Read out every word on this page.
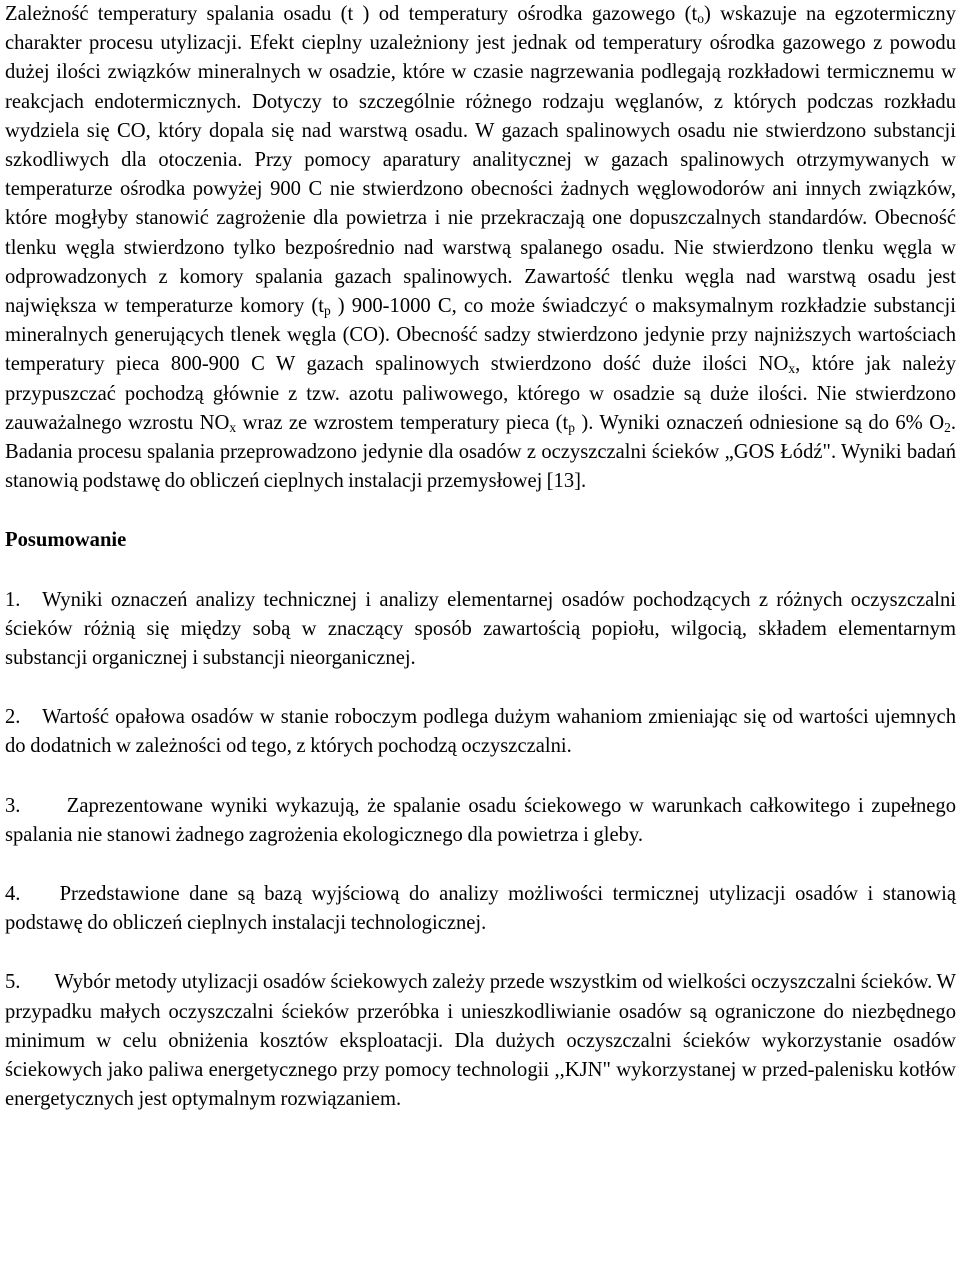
Zależność temperatury spalania osadu (t ) od temperatury ośrodka gazowego $(t_o)$ wskazuje na egzotermiczny charakter procesu utylizacji. Efekt cieplny uzależniony jest jednak od temperatury ośrodka gazowego z powodu dużej ilości związków mineralnych w osadzie, które w czasie nagrzewania podlegają rozkładowi termicznemu w reakcjach endotermicznych. Dotyczy to szczególnie różnego rodzaju węglanów, z których podczas rozkładu wydziela się CO, który dopala się nad warstwą osadu. W gazach spalinowych osadu nie stwierdzono substancji szkodliwych dla otoczenia. Przy pomocy aparatury analitycznej w gazach spalinowych otrzymywanych w temperaturze ośrodka powyżej 900 C nie stwierdzono obecności żadnych węglowodorów ani innych związków, które mogłyby stanowić zagrożenie dla powietrza i nie przekraczają one dopuszczalnych standardów. Obecność tlenku węgla stwierdzono tylko bezpośrednio nad warstwą spalanego osadu. Nie stwierdzono tlenku węgla w odprowadzonych z komory spalania gazach spalinowych. Zawartość tlenku węgla nad warstwą osadu jest największa w temperaturze komory ($t_p$ ) 900-1000 C, co może świadczyć o maksymalnym rozkładzie substancji mineralnych generujących tlenek węgla (CO). Obecność sadzy stwierdzono jedynie przy najniższych wartościach temperatury pieca 800-900 C W gazach spalinowych stwierdzono dość duże ilości $NO_x$, które jak należy przypuszczać pochodzą głównie z tzw. azotu paliwowego, którego w osadzie są duże ilości. Nie stwierdzono zauważalnego wzrostu $NO_x$ wraz ze wzrostem temperatury pieca ($t_p$ ). Wyniki oznaczeń odniesione są do 6% $O_2$. Badania procesu spalania przeprowadzono jedynie dla osadów z oczyszczalni ścieków „GOS Łódź". Wyniki badań stanowią podstawę do obliczeń cieplnych instalacji przemysłowej [13].

Posumowanie

1. Wyniki oznaczeń analizy technicznej i analizy elementarnej osadów pochodzących z różnych oczyszczalni ścieków różnią się między sobą w znaczący sposób zawartością popiołu, wilgocią, składem elementarnym substancji organicznej i substancji nieorganicznej.

2. Wartość opałowa osadów w stanie roboczym podlega dużym wahaniom zmieniając się od wartości ujemnych do dodatnich w zależności od tego, z których pochodzą oczyszczalni.

3. Zaprezentowane wyniki wykazują, że spalanie osadu ściekowego w warunkach całkowitego i zupełnego spalania nie stanowi żadnego zagrożenia ekologicznego dla powietrza i gleby.

4. Przedstawione dane są bazą wyjściową do analizy możliwości termicznej utylizacji osadów i stanowią podstawę do obliczeń cieplnych instalacji technologicznej.

5. Wybór metody utylizacji osadów ściekowych zależy przede wszystkim od wielkości oczyszczalni ścieków. W przypadku małych oczyszczalni ścieków przeróbka i unieszkodliwianie osadów są ograniczone do niezbędnego minimum w celu obniżenia kosztów eksploatacji. Dla dużych oczyszczalni ścieków wykorzystanie osadów ściekowych jako paliwa energetycznego przy pomocy technologii ,,KJN" wykorzystanej w przed-palenisku kotłów energetycznych jest optymalnym rozwiązaniem.
